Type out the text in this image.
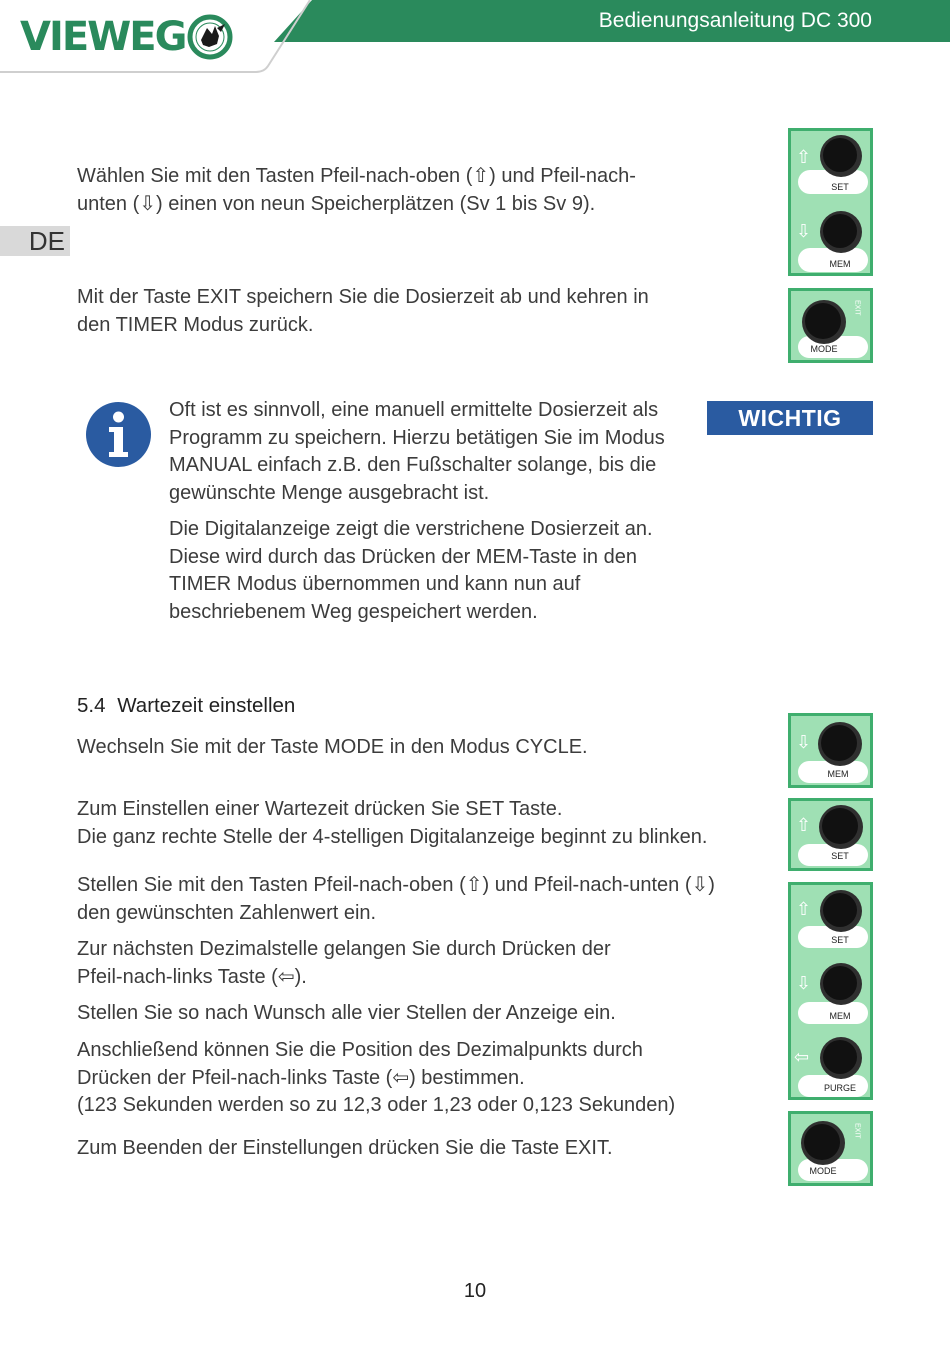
VIEWEG	Bedienungsanleitung DC 300
DE

Wählen Sie mit den Tasten Pfeil-nach-oben (⇧) und Pfeil-nach-
unten (⇩) einen von neun Speicherplätzen (Sv 1 bis Sv 9).

Mit der Taste EXIT speichern Sie die Dosierzeit ab und kehren in
den TIMER Modus zurück.

WICHTIG

Oft ist es sinnvoll, eine manuell ermittelte Dosierzeit als
Programm zu speichern. Hierzu betätigen Sie im Modus
MANUAL einfach z.B. den Fußschalter solange, bis die
gewünschte Menge ausgebracht ist.

Die Digitalanzeige zeigt die verstrichene Dosierzeit an.
Diese wird durch das Drücken der MEM-Taste in den
TIMER Modus übernommen und kann nun auf
beschriebenem Weg gespeichert werden.

5.4 Wartezeit einstellen

Wechseln Sie mit der Taste MODE in den Modus CYCLE.

Zum Einstellen einer Wartezeit drücken Sie SET Taste.
Die ganz rechte Stelle der 4-stelligen Digitalanzeige beginnt zu blinken.

Stellen Sie mit den Tasten Pfeil-nach-oben (⇧) und Pfeil-nach-unten (⇩)
den gewünschten Zahlenwert ein.

Zur nächsten Dezimalstelle gelangen Sie durch Drücken der
Pfeil-nach-links Taste (⇦).

Stellen Sie so nach Wunsch alle vier Stellen der Anzeige ein.

Anschließend können Sie die Position des Dezimalpunkts durch
Drücken der Pfeil-nach-links Taste (⇦) bestimmen.
(123 Sekunden werden so zu 12,3 oder 1,23 oder 0,123 Sekunden)

Zum Beenden der Einstellungen drücken Sie die Taste EXIT.

⇧
SET
⇩
MEM
MODE
EXIT
⇩
MEM
⇧
SET
⇧
SET
⇩
MEM
⇦
PURGE
MODE
EXIT
10
